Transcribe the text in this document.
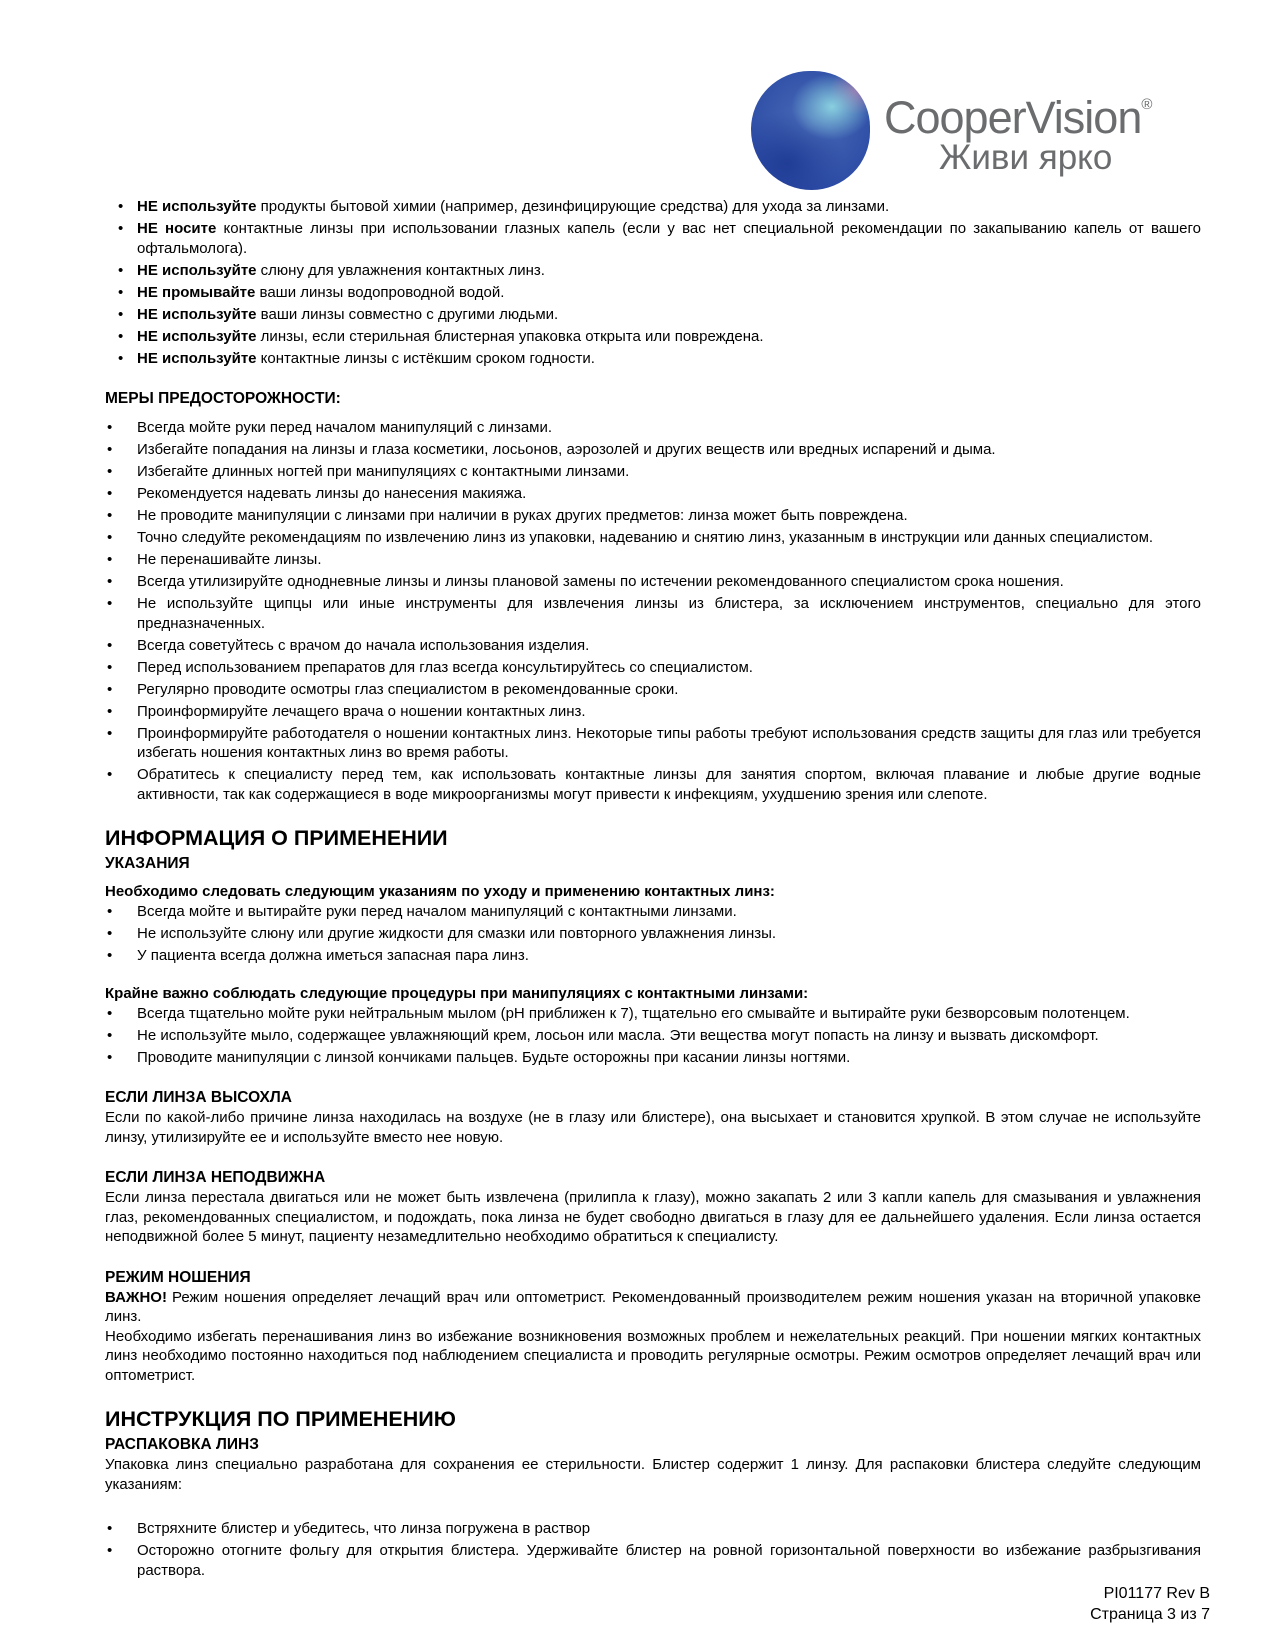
CooperVision®
Живи ярко
• НЕ используйте продукты бытовой химии (например, дезинфицирующие средства) для ухода за линзами.
• НЕ носите контактные линзы при использовании глазных капель (если у вас нет специальной рекомендации по закапыванию капель от вашего офтальмолога).
• НЕ используйте слюну для увлажнения контактных линз.
• НЕ промывайте ваши линзы водопроводной водой.
• НЕ используйте ваши линзы совместно с другими людьми.
• НЕ используйте линзы, если стерильная блистерная упаковка открыта или повреждена.
• НЕ используйте контактные линзы с истёкшим сроком годности.
МЕРЫ ПРЕДОСТОРОЖНОСТИ:
• Всегда мойте руки перед началом манипуляций с линзами.
• Избегайте попадания на линзы и глаза косметики, лосьонов, аэрозолей и других веществ или вредных испарений и дыма.
• Избегайте длинных ногтей при манипуляциях с контактными линзами.
• Рекомендуется надевать линзы до нанесения макияжа.
• Не проводите манипуляции с линзами при наличии в руках других предметов: линза может быть повреждена.
• Точно следуйте рекомендациям по извлечению линз из упаковки, надеванию и снятию линз, указанным в инструкции или данных специалистом.
• Не перенашивайте линзы.
• Всегда утилизируйте однодневные линзы и линзы плановой замены по истечении рекомендованного специалистом срока ношения.
• Не используйте щипцы или иные инструменты для извлечения линзы из блистера, за исключением инструментов, специально для этого предназначенных.
• Всегда советуйтесь с врачом до начала использования изделия.
• Перед использованием препаратов для глаз всегда консультируйтесь со специалистом.
• Регулярно проводите осмотры глаз специалистом в рекомендованные сроки.
• Проинформируйте лечащего врача о ношении контактных линз.
• Проинформируйте работодателя о ношении контактных линз. Некоторые типы работы требуют использования средств защиты для глаз или требуется избегать ношения контактных линз во время работы.
• Обратитесь к специалисту перед тем, как использовать контактные линзы для занятия спортом, включая плавание и любые другие водные активности, так как содержащиеся в воде микроорганизмы могут привести к инфекциям, ухудшению зрения или слепоте.
ИНФОРМАЦИЯ О ПРИМЕНЕНИИ
УКАЗАНИЯ

Необходимо следовать следующим указаниям по уходу и применению контактных линз:

• Всегда мойте и вытирайте руки перед началом манипуляций с контактными линзами.
• Не используйте слюну или другие жидкости для смазки или повторного увлажнения линзы.
• У пациента всегда должна иметься запасная пара линз.

Крайне важно соблюдать следующие процедуры при манипуляциях с контактными линзами:

• Всегда тщательно мойте руки нейтральным мылом (pH приближен к 7), тщательно его смывайте и вытирайте руки безворсовым полотенцем.
• Не используйте мыло, содержащее увлажняющий крем, лосьон или масла. Эти вещества могут попасть на линзу и вызвать дискомфорт.
• Проводите манипуляции с линзой кончиками пальцев. Будьте осторожны при касании линзы ногтями.
ЕСЛИ ЛИНЗА ВЫСОХЛА

Если по какой-либо причине линза находилась на воздухе (не в глазу или блистере), она высыхает и становится хрупкой. В этом случае не используйте линзу, утилизируйте ее и используйте вместо нее новую.

ЕСЛИ ЛИНЗА НЕПОДВИЖНА

Если линза перестала двигаться или не может быть извлечена (прилипла к глазу), можно закапать 2 или 3 капли капель для смазывания и увлажнения глаз, рекомендованных специалистом, и подождать, пока линза не будет свободно двигаться в глазу для ее дальнейшего удаления. Если линза остается неподвижной более 5 минут, пациенту незамедлительно необходимо обратиться к специалисту.

РЕЖИМ НОШЕНИЯ

ВАЖНО! Режим ношения определяет лечащий врач или оптометрист. Рекомендованный производителем режим ношения указан на вторичной упаковке линз.

Необходимо избегать перенашивания линз во избежание возникновения возможных проблем и нежелательных реакций. При ношении мягких контактных линз необходимо постоянно находиться под наблюдением специалиста и проводить регулярные осмотры. Режим осмотров определяет лечащий врач или оптометрист.

ИНСТРУКЦИЯ ПО ПРИМЕНЕНИЮ
РАСПАКОВКА ЛИНЗ

Упаковка линз специально разработана для сохранения ее стерильности. Блистер содержит 1 линзу. Для распаковки блистера следуйте следующим указаниям:

• Встряхните блистер и убедитесь, что линза погружена в раствор
• Осторожно отогните фольгу для открытия блистера. Удерживайте блистер на ровной горизонтальной поверхности во избежание разбрызгивания раствора.
PI01177 Rev B
Страница 3 из 7
